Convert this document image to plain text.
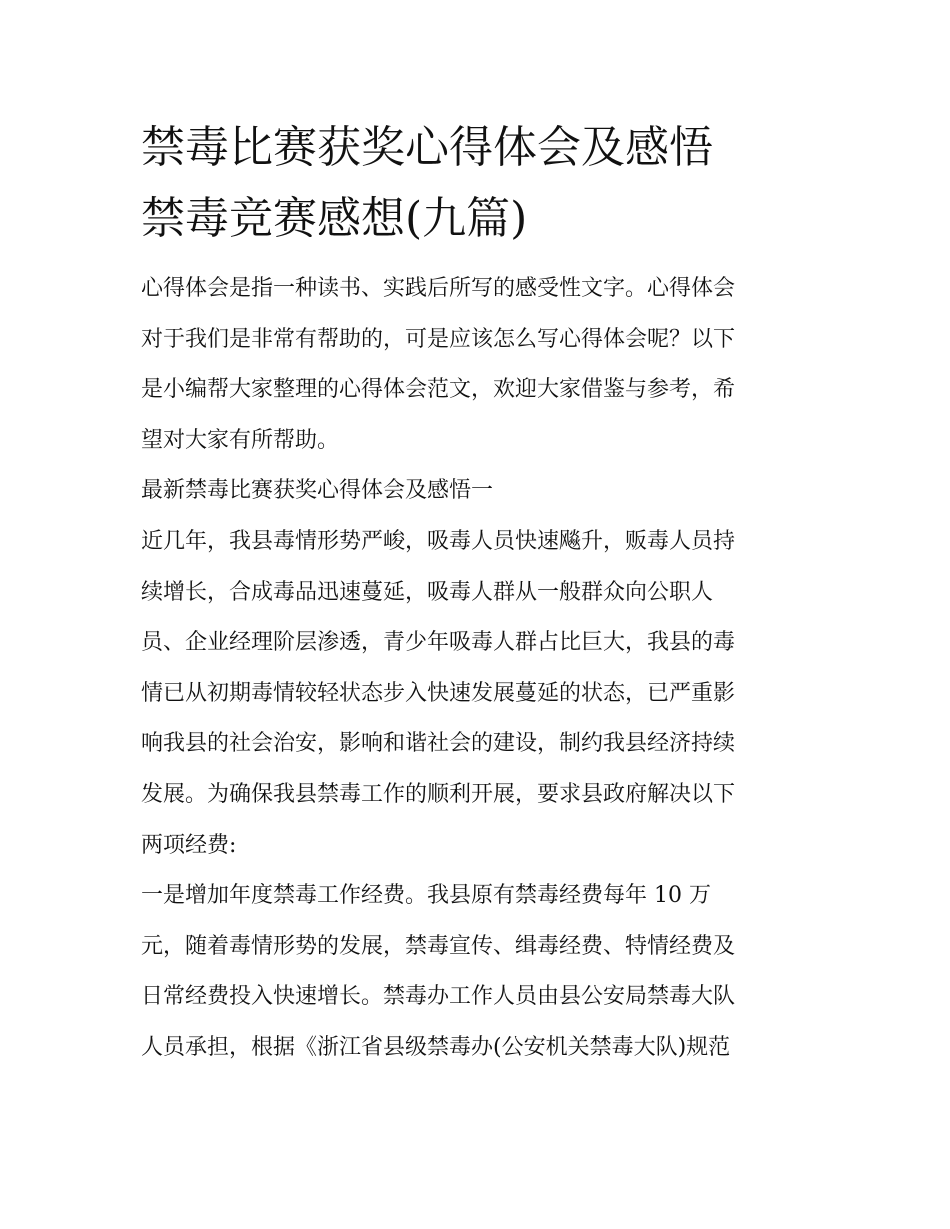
禁毒比赛获奖心得体会及感悟
禁毒竞赛感想(九篇)
心得体会是指一种读书、实践后所写的感受性文字。心得体会
对于我们是非常有帮助的，可是应该怎么写心得体会呢？以下
是小编帮大家整理的心得体会范文，欢迎大家借鉴与参考，希
望对大家有所帮助。
最新禁毒比赛获奖心得体会及感悟一
近几年，我县毒情形势严峻，吸毒人员快速飚升，贩毒人员持
续增长，合成毒品迅速蔓延，吸毒人群从一般群众向公职人
员、企业经理阶层渗透，青少年吸毒人群占比巨大，我县的毒
情已从初期毒情较轻状态步入快速发展蔓延的状态，已严重影
响我县的社会治安，影响和谐社会的建设，制约我县经济持续
发展。为确保我县禁毒工作的顺利开展，要求县政府解决以下
两项经费:
一是增加年度禁毒工作经费。我县原有禁毒经费每年 10 万
元，随着毒情形势的发展，禁毒宣传、缉毒经费、特情经费及
日常经费投入快速增长。禁毒办工作人员由县公安局禁毒大队
人员承担，根据《浙江省县级禁毒办(公安机关禁毒大队)规范
